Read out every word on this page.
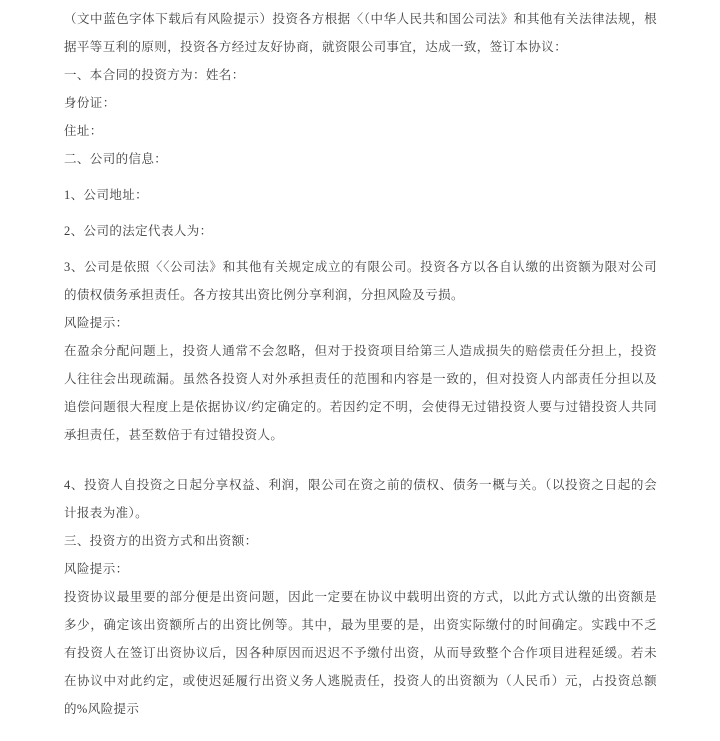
（文中蓝色字体下载后有风险提示）投资各方根据〈（中华人民共和国公司法》和其他有关法律法规，根据平等互利的原则，投资各方经过友好协商，就资限公司事宜，达成一致，签订本协议：

一、本合同的投资方为：姓名：

身份证：

住址：

二、公司的信息：

1、公司地址：

2、公司的法定代表人为：

3、公司是依照〈〈公司法》和其他有关规定成立的有限公司。投资各方以各自认缴的出资额为限对公司的债权债务承担责任。各方按其出资比例分享利润，分担风险及亏损。

风险提示：

在盈余分配问题上，投资人通常不会忽略，但对于投资项目给第三人造成损失的赔偿责任分担上，投资人往往会出现疏漏。虽然各投资人对外承担责任的范围和内容是一致的，但对投资人内部责任分担以及追偿问题很大程度上是依据协议/约定确定的。若因约定不明，会使得无过错投资人要与过错投资人共同承担责任，甚至数倍于有过错投资人。

4、投资人自投资之日起分享权益、利润，限公司在资之前的债权、债务一概与关。（以投资之日起的会计报表为准）。

三、投资方的出资方式和出资额：

风险提示：

投资协议最里要的部分便是出资问题，因此一定要在协议中载明出资的方式，以此方式认缴的出资额是多少，确定该出资额所占的出资比例等。其中，最为里要的是，出资实际缴付的时间确定。实践中不乏有投资人在签订出资协议后，因各种原因而迟迟不予缴付出资，从而导致整个合作项目进程延缓。若未在协议中对此约定，或使迟延履行出资义务人逃脱责任，投资人的出资额为（人民币）元，占投资总额的%风险提示
